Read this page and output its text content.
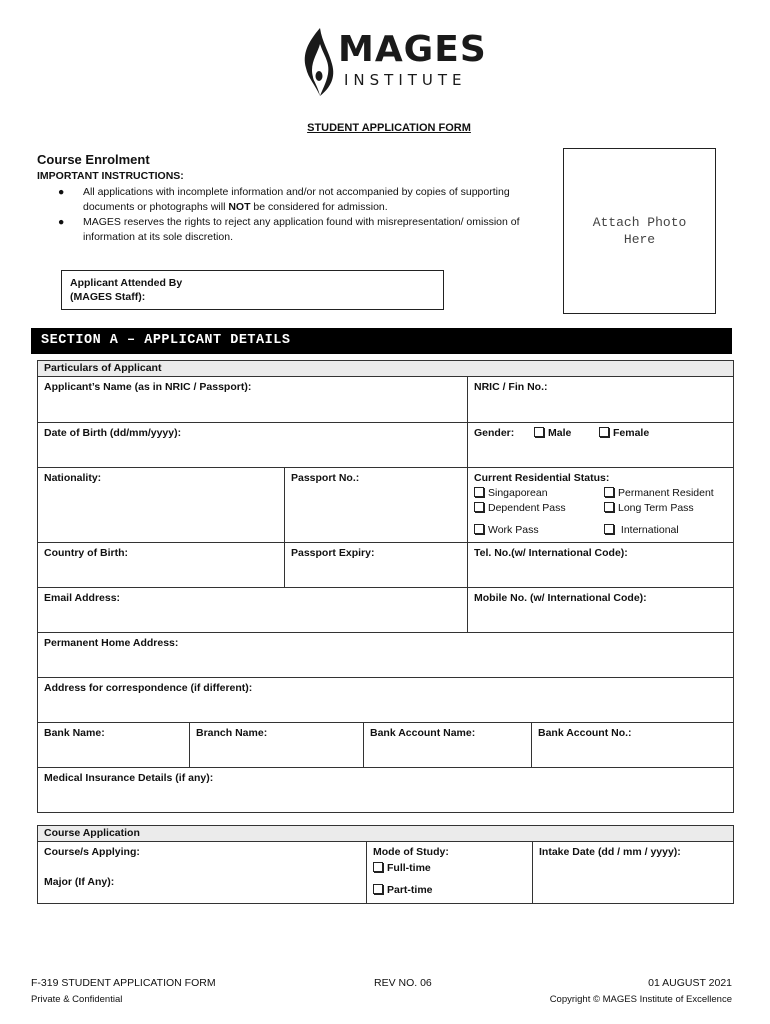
MAGES
INSTITUTE
STUDENT APPLICATION FORM
Course Enrolment
IMPORTANT INSTRUCTIONS:
● All applications with incomplete information and/or not accompanied by copies of supporting documents or photographs will NOT be considered for admission.
● MAGES reserves the rights to reject any application found with misrepresentation/ omission of information at its sole discretion.
Attach Photo
Here
Applicant Attended By
(MAGES Staff):
SECTION A – APPLICANT DETAILS
Particulars of Applicant
Applicant’s Name (as in NRIC / Passport):	NRIC / Fin No.:
Date of Birth (dd/mm/yyyy):	Gender:	Male	Female
Nationality:	Passport No.:	Current Residential Status:
Singaporean	Permanent Resident
Dependent Pass	Long Term Pass
Work Pass	International
Country of Birth:	Passport Expiry:	Tel. No.(w/ International Code):
Email Address:	Mobile No. (w/ International Code):
Permanent Home Address:
Address for correspondence (if different):
Bank Name:	Branch Name:	Bank Account Name:	Bank Account No.:
Medical Insurance Details (if any):
Course Application
Course/s Applying:
Major (If Any):
Mode of Study:
Full-time
Part-time
Intake Date (dd / mm / yyyy):
F-319 STUDENT APPLICATION FORM
Private & Confidential
REV NO. 06	01 AUGUST 2021
Copyright © MAGES Institute of Excellence
